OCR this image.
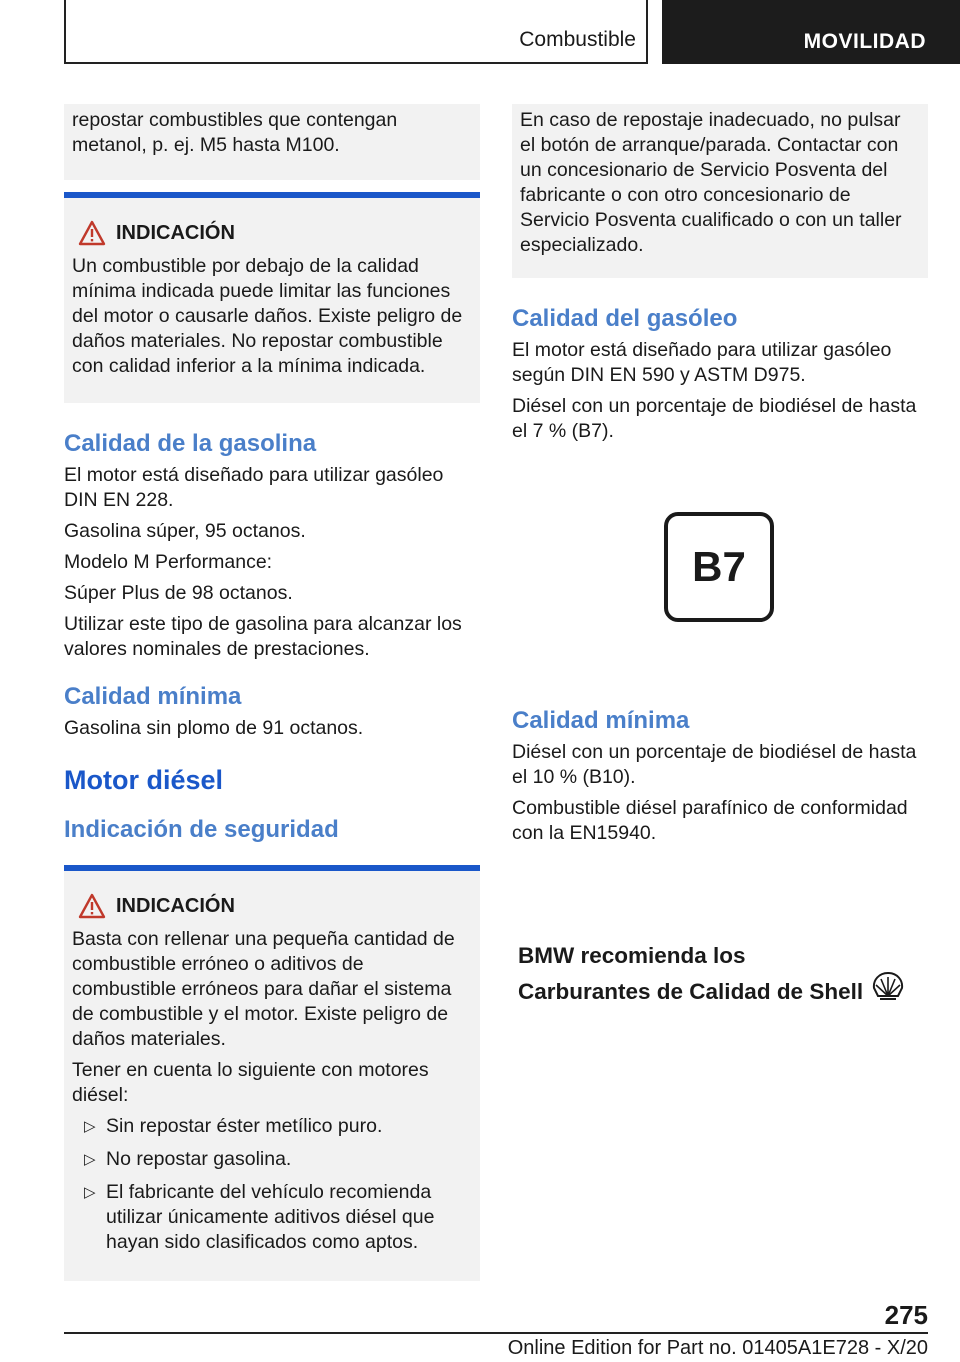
Combustible	MOVILIDAD

repostar combustibles que contengan metanol, p. ej. M5 hasta M100.

INDICACIÓN

Un combustible por debajo de la calidad mínima indicada puede limitar las funciones del motor o causarle daños. Existe peligro de daños materiales. No repostar combustible con calidad inferior a la mínima indicada.

Calidad de la gasolina

El motor está diseñado para utilizar gasóleo DIN EN 228.

Gasolina súper, 95 octanos.

Modelo M Performance:

Súper Plus de 98 octanos.

Utilizar este tipo de gasolina para alcanzar los valores nominales de prestaciones.

Calidad mínima

Gasolina sin plomo de 91 octanos.

Motor diésel
Indicación de seguridad
INDICACIÓN

Basta con rellenar una pequeña cantidad de combustible erróneo o aditivos de combustible erróneos para dañar el sistema de combustible y el motor. Existe peligro de daños materiales.

Tener en cuenta lo siguiente con motores diésel:

▷ Sin repostar éster metílico puro.
▷ No repostar gasolina.
▷ El fabricante del vehículo recomienda utilizar únicamente aditivos diésel que hayan sido clasificados como aptos.

En caso de repostaje inadecuado, no pulsar el botón de arranque/parada. Contactar con un concesionario de Servicio Posventa del fabricante o con otro concesionario de Servicio Posventa cualificado o con un taller especializado.

Calidad del gasóleo

El motor está diseñado para utilizar gasóleo según DIN EN 590 y ASTM D975.

Diésel con un porcentaje de biodiésel de hasta el 7 % (B7).

B7
Calidad mínima

Diésel con un porcentaje de biodiésel de hasta el 10 % (B10).

Combustible diésel parafínico de conformidad con la EN15940.

BMW recomienda los
Carburantes de Calidad de Shell
275
Online Edition for Part no. 01405A1E728 - X/20
